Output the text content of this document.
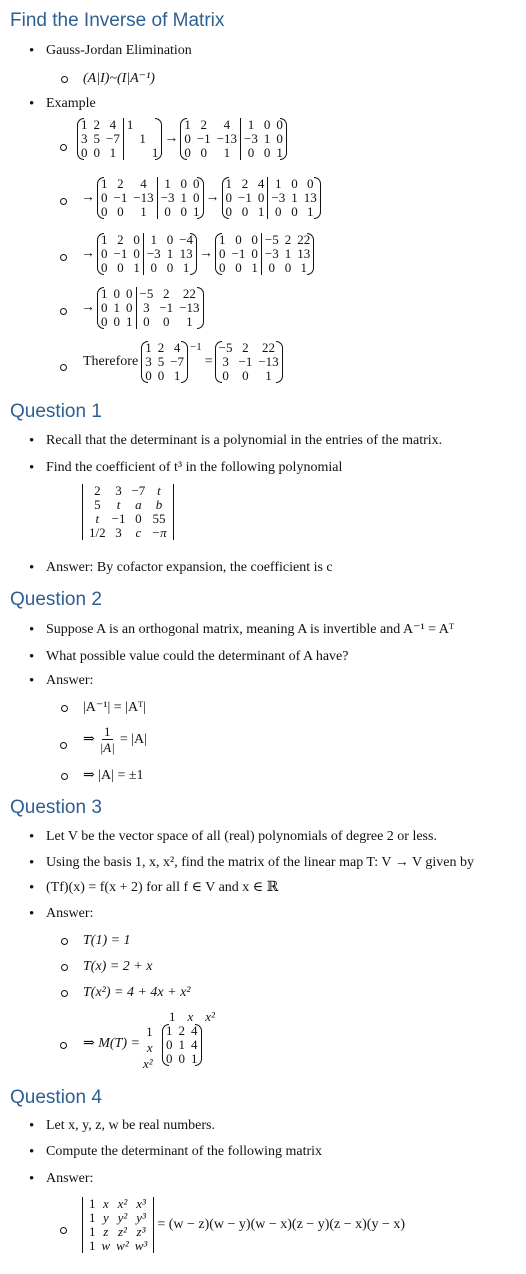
Find the Inverse of Matrix
• Gauss-Jordan Elimination
(A|I)~(I|A⁻¹)
• Example
1	2	4	1		
3	5	−7		1	
0	0	1			1
→
1	2	4	1	0	0
0	−1	−13	−3	1	0
0	0	1	0	0	1
→
1	2	4	1	0	0
0	−1	−13	−3	1	0
0	0	1	0	0	1
→
1	2	4	1	0	0
0	−1	0	−3	1	13
0	0	1	0	0	1
→
1	2	0	1	0	−4
0	−1	0	−3	1	13
0	0	1	0	0	1
→
1	0	0	−5	2	22
0	−1	0	−3	1	13
0	0	1	0	0	1
→
1	0	0	−5	2	22
0	1	0	3	−1	−13
0	0	1	0	0	1
Therefore
1	2	4
3	5	−7
0	0	1
$^{-1}$
=
−5	2	22
3	−1	−13
0	0	1
Question 1
• Recall that the determinant is a polynomial in the entries of the matrix.
• Find the coefficient of t³ in the following polynomial
2	3	−7	t
5	t	a	b
t	−1	0	55
1/2	3	c	−π
• Answer: By cofactor expansion, the coefficient is c
Question 2
• Suppose A is an orthogonal matrix, meaning A is invertible and A⁻¹ = Aᵀ
• What possible value could the determinant of A have?
• Answer:
|A⁻¹| = |Aᵀ|
⇒ $\frac{1}{|A|} = |A|$
⇒ |A| = ±1
Question 3
• Let V be the vector space of all (real) polynomials of degree 2 or less.
• Using the basis 1, x, x², find the matrix of the linear map T: V → V given by
• (Tf)(x) = f(x + 2) for all f ∈ V and x ∈ ℝ
• Answer:
T(1) = 1
T(x) = 2 + x
T(x²) = 4 + 4x + x²
⇒ M(T) =
1
x
x²
1	x	x²
1	2	4
0	1	4
0	0	1
Question 4
• Let x, y, z, w be real numbers.
• Compute the determinant of the following matrix
• Answer:
1	x	x²	x³
1	y	y²	y³
1	z	z²	z³
1	w	w²	w³
= (w − z)(w − y)(w − x)(z − y)(z − x)(y − x)
